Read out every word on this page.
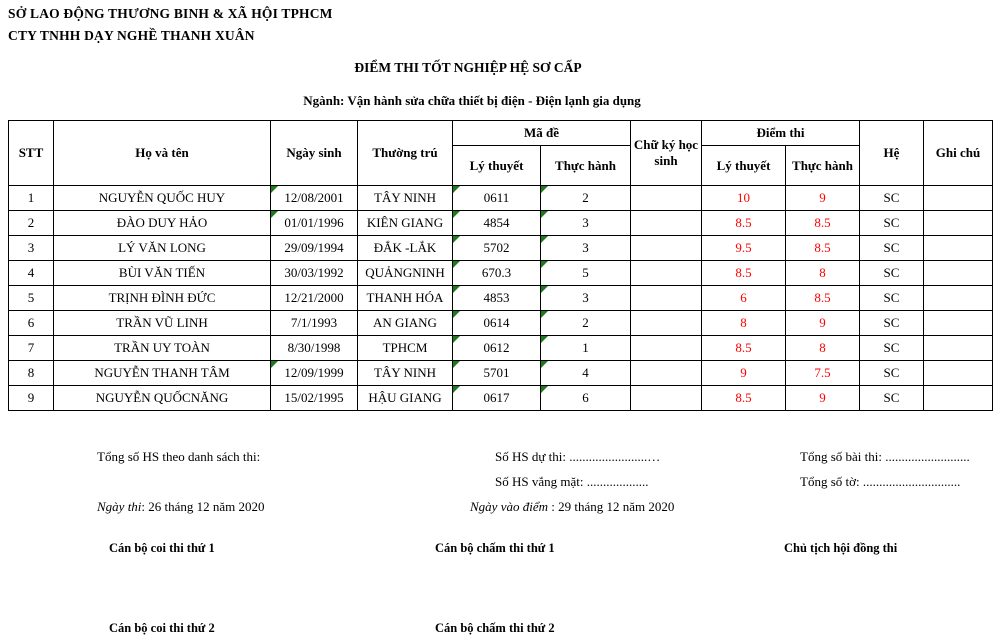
SỞ LAO ĐỘNG THƯƠNG BINH & XÃ HỘI TPHCM
CTY TNHH DẠY NGHỀ THANH XUÂN
ĐIỂM THI TỐT NGHIỆP HỆ SƠ CẤP
Ngành: Vận hành sửa chữa thiết bị điện - Điện lạnh gia dụng
STT	Họ và tên	Ngày sinh	Thường trú	Mã đề		Chữ ký học sinh	Điểm thi		Hệ	Ghi chú
				Lý thuyết	Thực hành		Lý thuyết	Thực hành		
1	NGUYỄN QUỐC HUY	12/08/2001	TÂY NINH	0611	2		10	9	SC	
2	ĐÀO DUY HẢO	01/01/1996	KIÊN GIANG	4854	3		8.5	8.5	SC	
3	LÝ VĂN LONG	29/09/1994	ĐẮK -LẮK	5702	3		9.5	8.5	SC	
4	BÙI VĂN TIẾN	30/03/1992	QUẢNGNINH	670.3	5		8.5	8	SC	
5	TRỊNH ĐÌNH ĐỨC	12/21/2000	THANH HÓA	4853	3		6	8.5	SC	
6	TRẦN VŨ LINH	7/1/1993	AN GIANG	0614	2		8	9	SC	
7	TRẦN UY TOÀN	8/30/1998	TPHCM	0612	1		8.5	8	SC	
8	NGUYỄN THANH TÂM	12/09/1999	TÂY NINH	5701	4		9	7.5	SC	
9	NGUYỄN QUỐCNĂNG	15/02/1995	HẬU GIANG	0617	6		8.5	9	SC	
Tổng số HS theo danh sách thi:	Số HS dự thi: ........................…	Tổng số bài thi: ..........................
Số HS vắng mặt: ...................	Tổng số tờ: ..............................
Ngày thi: 26 tháng 12 năm 2020	Ngày vào điểm : 29 tháng 12 năm 2020
Cán bộ coi thi thứ 1	Cán bộ chấm thi thứ 1	Chủ tịch hội đồng thi
Cán bộ coi thi thứ 2	Cán bộ chấm thi thứ 2
